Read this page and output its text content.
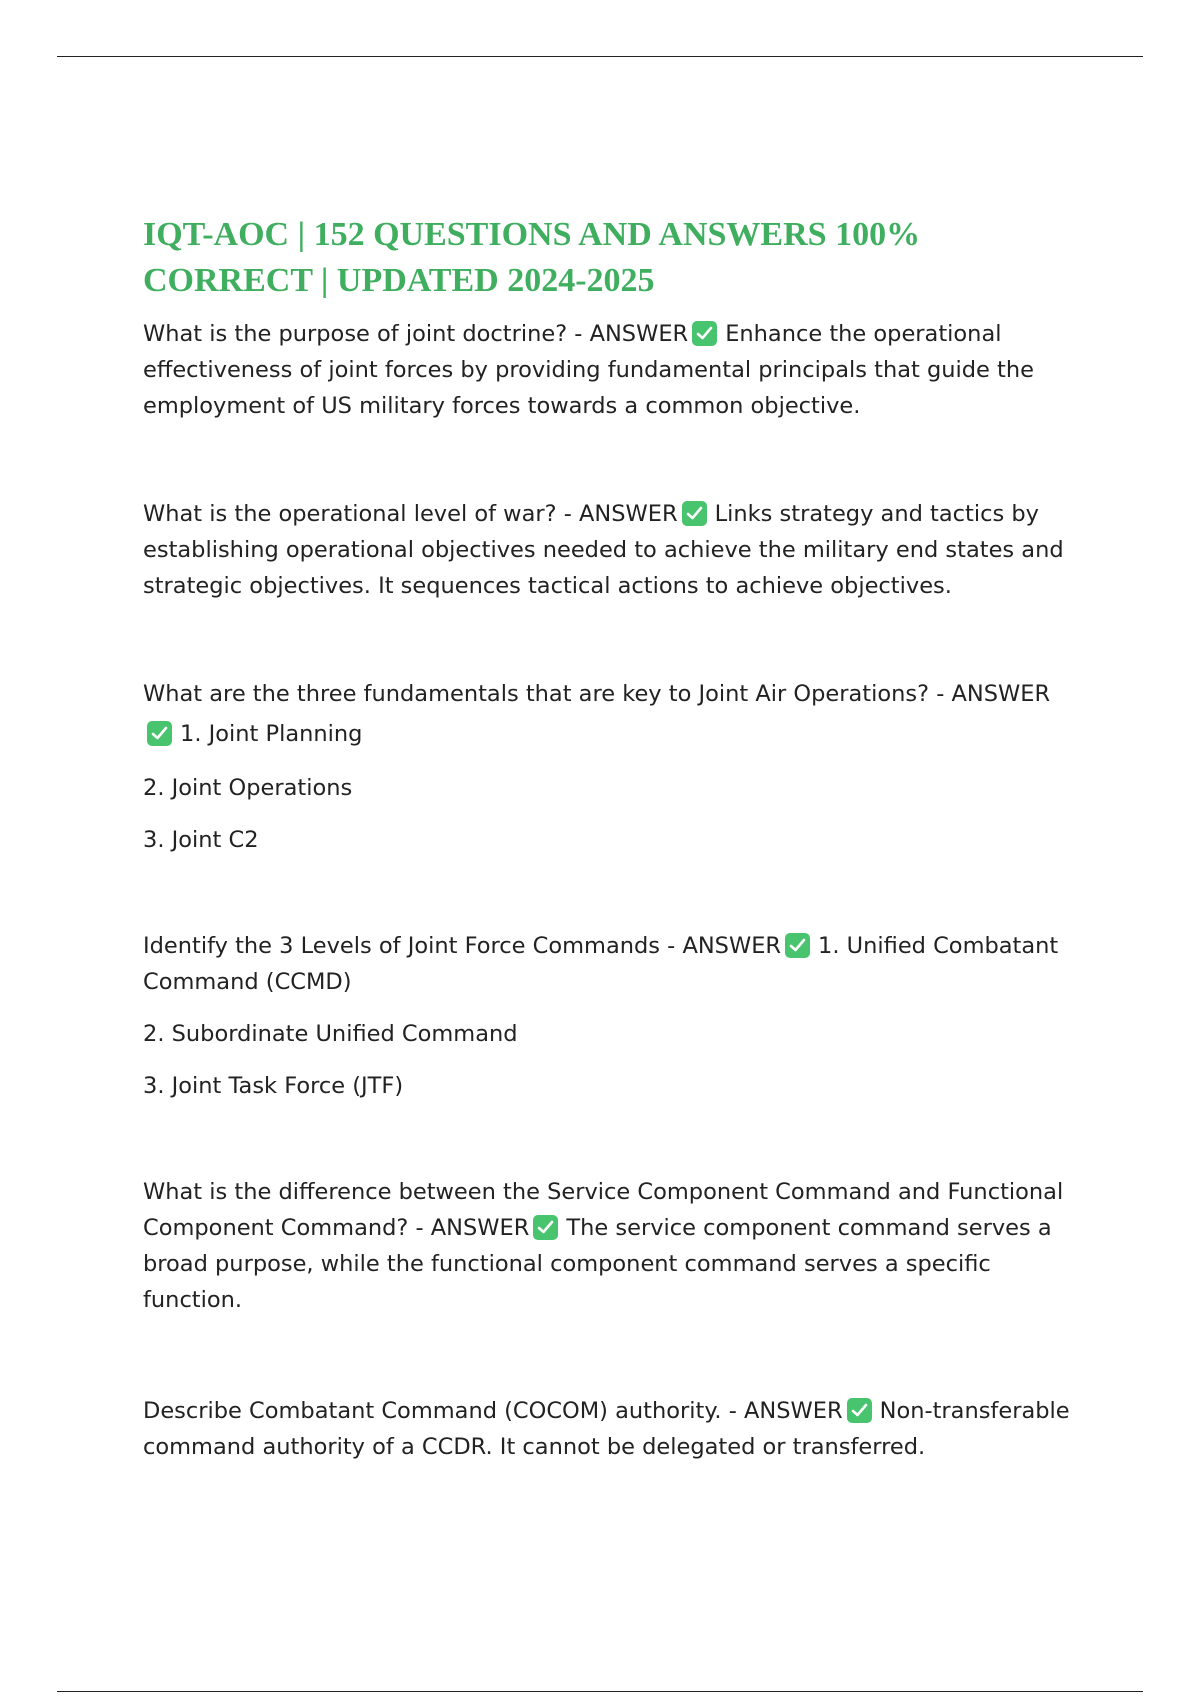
IQT-AOC | 152 QUESTIONS AND ANSWERS 100% CORRECT | UPDATED 2024-2025

What is the purpose of joint doctrine? - ANSWER Enhance the operational effectiveness of joint forces by providing fundamental principals that guide the employment of US military forces towards a common objective.

What is the operational level of war? - ANSWER Links strategy and tactics by establishing operational objectives needed to achieve the military end states and strategic objectives. It sequences tactical actions to achieve objectives.

What are the three fundamentals that are key to Joint Air Operations? - ANSWER
1. Joint Planning

2. Joint Operations

3. Joint C2

Identify the 3 Levels of Joint Force Commands - ANSWER 1. Unified Combatant Command (CCMD)

2. Subordinate Unified Command

3. Joint Task Force (JTF)

What is the difference between the Service Component Command and Functional Component Command? - ANSWER The service component command serves a broad purpose, while the functional component command serves a specific function.

Describe Combatant Command (COCOM) authority. - ANSWER Non-transferable command authority of a CCDR. It cannot be delegated or transferred.
